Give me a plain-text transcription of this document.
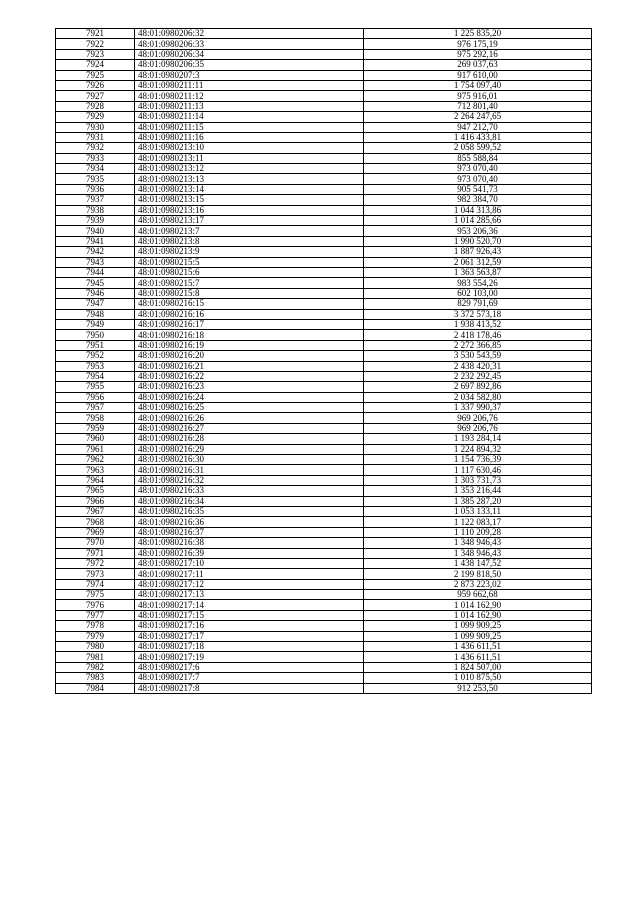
7921	48:01:0980206:32	1 225 835,20
7922	48:01:0980206:33	976 175,19
7923	48:01:0980206:34	975 292,16
7924	48:01:0980206:35	269 037,63
7925	48:01:0980207:3	917 610,00
7926	48:01:0980211:11	1 754 097,40
7927	48:01:0980211:12	975 916,01
7928	48:01:0980211:13	712 801,40
7929	48:01:0980211:14	2 264 247,65
7930	48:01:0980211:15	947 212,70
7931	48:01:0980211:16	1 416 433,81
7932	48:01:0980213:10	2 058 599,52
7933	48:01:0980213:11	855 588,84
7934	48:01:0980213:12	973 070,40
7935	48:01:0980213:13	973 070,40
7936	48:01:0980213:14	905 541,73
7937	48:01:0980213:15	982 384,70
7938	48:01:0980213:16	1 044 313,86
7939	48:01:0980213:17	1 014 285,66
7940	48:01:0980213:7	953 206,36
7941	48:01:0980213:8	1 990 520,70
7942	48:01:0980213:9	1 887 926,43
7943	48:01:0980215:5	2 061 312,59
7944	48:01:0980215:6	1 363 563,87
7945	48:01:0980215:7	983 554,26
7946	48:01:0980215:8	602 103,00
7947	48:01:0980216:15	829 791,69
7948	48:01:0980216:16	3 372 573,18
7949	48:01:0980216:17	1 938 413,52
7950	48:01:0980216:18	2 418 178,46
7951	48:01:0980216:19	2 272 366,85
7952	48:01:0980216:20	3 530 543,59
7953	48:01:0980216:21	2 438 420,31
7954	48:01:0980216:22	2 232 292,45
7955	48:01:0980216:23	2 697 892,86
7956	48:01:0980216:24	2 034 582,80
7957	48:01:0980216:25	1 337 990,37
7958	48:01:0980216:26	969 206,76
7959	48:01:0980216:27	969 206,76
7960	48:01:0980216:28	1 193 284,14
7961	48:01:0980216:29	1 224 894,32
7962	48:01:0980216:30	1 154 736,39
7963	48:01:0980216:31	1 117 630,46
7964	48:01:0980216:32	1 303 731,73
7965	48:01:0980216:33	1 353 216,44
7966	48:01:0980216:34	1 385 287,20
7967	48:01:0980216:35	1 053 133,11
7968	48:01:0980216:36	1 122 083,17
7969	48:01:0980216:37	1 110 209,28
7970	48:01:0980216:38	1 348 946,43
7971	48:01:0980216:39	1 348 946,43
7972	48:01:0980217:10	1 438 147,52
7973	48:01:0980217:11	2 199 818,50
7974	48:01:0980217:12	2 873 223,02
7975	48:01:0980217:13	959 662,68
7976	48:01:0980217:14	1 014 162,90
7977	48:01:0980217:15	1 014 162,90
7978	48:01:0980217:16	1 099 909,25
7979	48:01:0980217:17	1 099 909,25
7980	48:01:0980217:18	1 436 611,51
7981	48:01:0980217:19	1 436 611,51
7982	48:01:0980217:6	1 824 507,00
7983	48:01:0980217:7	1 010 875,50
7984	48:01:0980217:8	912 253,50
